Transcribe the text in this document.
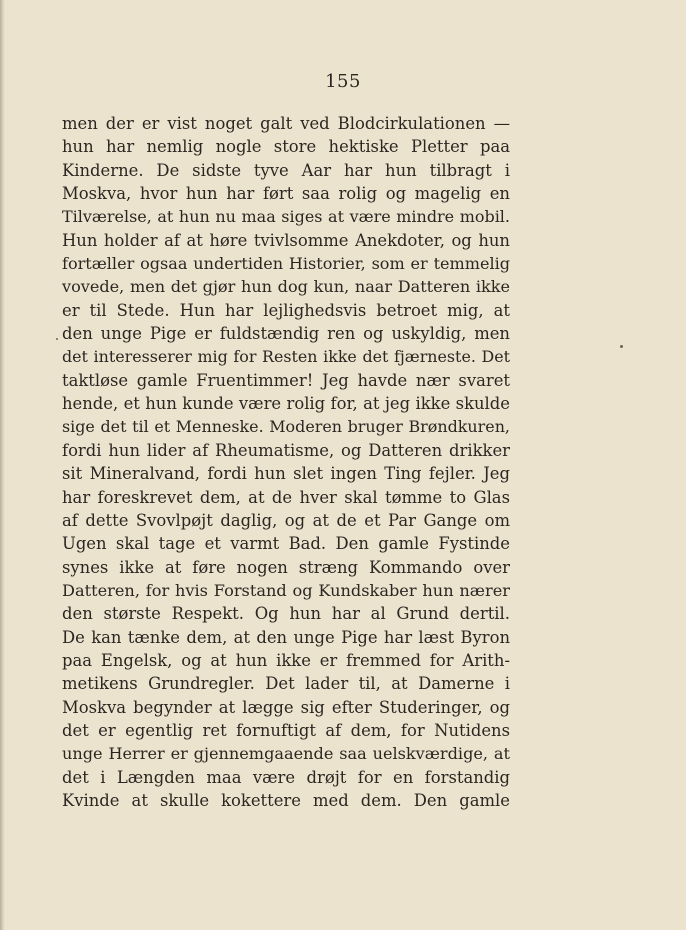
155
men der er vist noget galt ved Blodcirkulationen —
hun har nemlig nogle store hektiske Pletter paa
Kinderne. De sidste tyve Aar har hun tilbragt i
Moskva, hvor hun har ført saa rolig og magelig en
Tilværelse, at hun nu maa siges at være mindre mobil.
Hun holder af at høre tvivlsomme Anekdoter, og hun
fortæller ogsaa undertiden Historier, som er temmelig
vovede, men det gjør hun dog kun, naar Datteren ikke
er til Stede. Hun har lejlighedsvis betroet mig, at
den unge Pige er fuldstændig ren og uskyldig, men
det interesserer mig for Resten ikke det fjærneste. Det
taktløse gamle Fruentimmer! Jeg havde nær svaret
hende, et hun kunde være rolig for, at jeg ikke skulde
sige det til et Menneske. Moderen bruger Brøndkuren,
fordi hun lider af Rheumatisme, og Datteren drikker
sit Mineralvand, fordi hun slet ingen Ting fejler. Jeg
har foreskrevet dem, at de hver skal tømme to Glas
af dette Svovlpøjt daglig, og at de et Par Gange om
Ugen skal tage et varmt Bad. Den gamle Fystinde
synes ikke at føre nogen stræng Kommando over
Datteren, for hvis Forstand og Kundskaber hun nærer
den største Respekt. Og hun har al Grund dertil.
De kan tænke dem, at den unge Pige har læst Byron
paa Engelsk, og at hun ikke er fremmed for Arith-
metikens Grundregler. Det lader til, at Damerne i
Moskva begynder at lægge sig efter Studeringer, og
det er egentlig ret fornuftigt af dem, for Nutidens
unge Herrer er gjennemgaaende saa uelskværdige, at
det i Længden maa være drøjt for en forstandig
Kvinde at skulle kokettere med dem. Den gamle
